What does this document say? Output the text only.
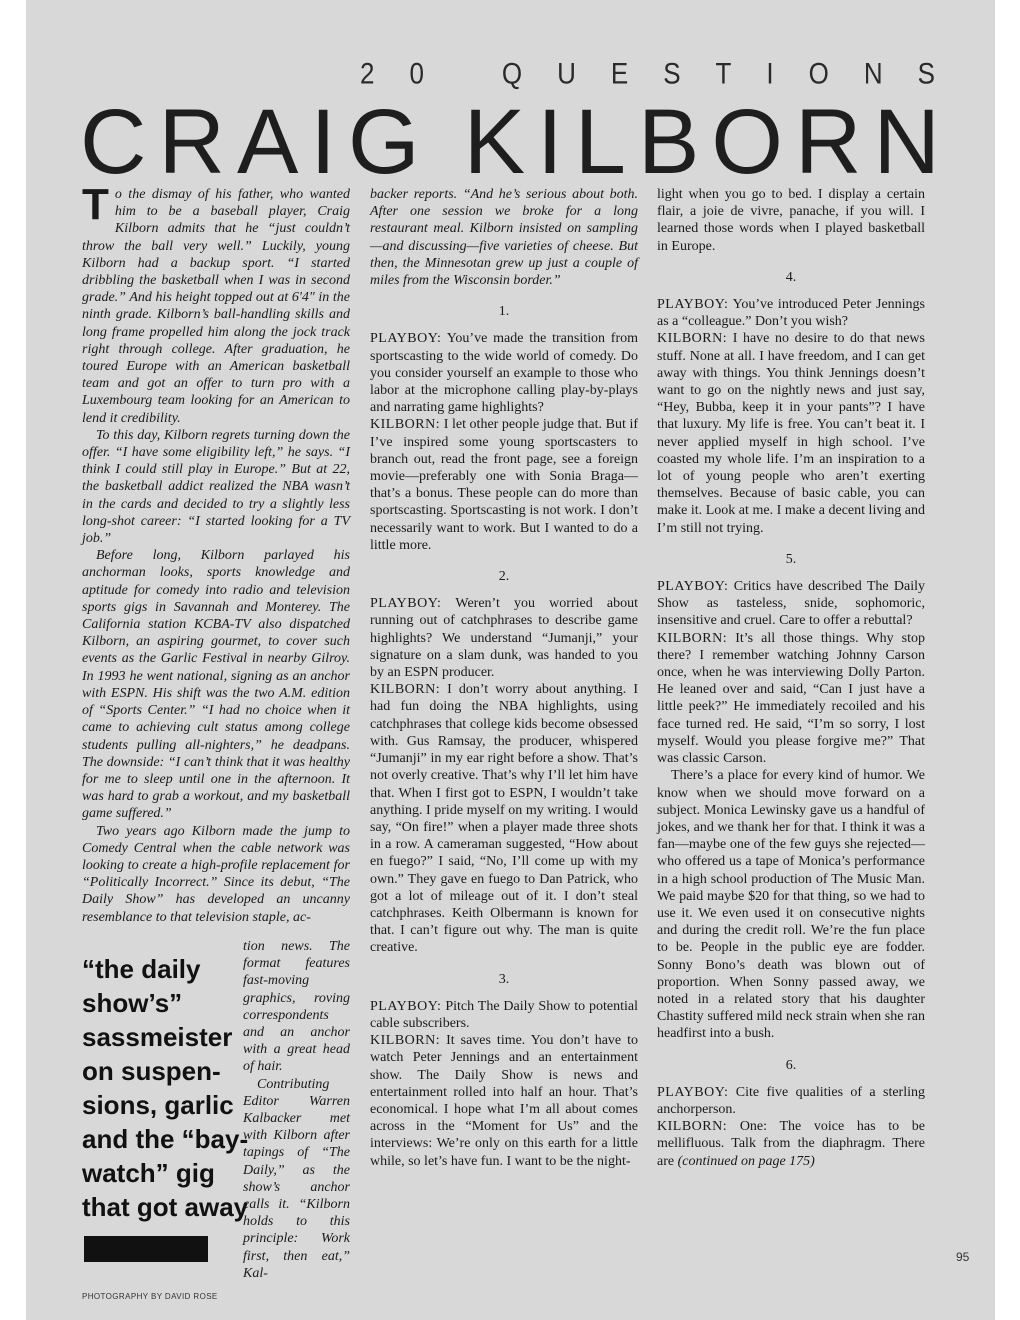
2 0	Q U E S T I O N S
C R A I G K I L B O R N

To the dismay of his father, who wanted him to be a baseball player, Craig Kilborn admits that he “just couldn’t throw the ball very well.” Luckily, young Kilborn had a backup sport. “I started dribbling the basketball when I was in second grade.” And his height topped out at 6'4" in the ninth grade. Kilborn’s ball-handling skills and long frame propelled him along the jock track right through college. After graduation, he toured Europe with an American basketball team and got an offer to turn pro with a Luxembourg team looking for an American to lend it credibility.

To this day, Kilborn regrets turning down the offer. “I have some eligibility left,” he says. “I think I could still play in Europe.” But at 22, the basketball addict realized the NBA wasn’t in the cards and decided to try a slightly less long-shot career: “I started looking for a TV job.”

Before long, Kilborn parlayed his anchorman looks, sports knowledge and aptitude for comedy into radio and television sports gigs in Savannah and Monterey. The California station KCBA-TV also dispatched Kilborn, an aspiring gourmet, to cover such events as the Garlic Festival in nearby Gilroy. In 1993 he went national, signing as an anchor with ESPN. His shift was the two A.M. edition of “Sports Center.” “I had no choice when it came to achieving cult status among college students pulling all-nighters,” he deadpans. The downside: “I can’t think that it was healthy for me to sleep until one in the afternoon. It was hard to grab a workout, and my basketball game suffered.”

Two years ago Kilborn made the jump to Comedy Central when the cable network was looking to create a high-profile replacement for “Politically Incorrect.” Since its debut, “The Daily Show” has developed an uncanny resemblance to that television staple, ac-

“the daily
show’s”
sassmeister
on suspen-
sions, garlic
and the “bay-
watch” gig
that got away

tion news. The format features fast-moving graphics, roving correspondents and an anchor with a great head of hair.

Contributing Editor Warren Kalbacker met with Kilborn after tapings of “The Daily,” as the show’s anchor calls it. “Kilborn holds to this principle: Work first, then eat,” Kal-

backer reports. “And he’s serious about both. After one session we broke for a long restaurant meal. Kilborn insisted on sampling—and discussing—five varieties of cheese. But then, the Minnesotan grew up just a couple of miles from the Wisconsin border.”

1.

PLAYBOY: You’ve made the transition from sportscasting to the wide world of comedy. Do you consider yourself an example to those who labor at the microphone calling play-by-plays and narrating game highlights?

KILBORN: I let other people judge that. But if I’ve inspired some young sportscasters to branch out, read the front page, see a foreign movie—preferably one with Sonia Braga—that’s a bonus. These people can do more than sportscasting. Sportscasting is not work. I don’t necessarily want to work. But I wanted to do a little more.

2.

PLAYBOY: Weren’t you worried about running out of catchphrases to describe game highlights? We understand “Jumanji,” your signature on a slam dunk, was handed to you by an ESPN producer.

KILBORN: I don’t worry about anything. I had fun doing the NBA highlights, using catchphrases that college kids become obsessed with. Gus Ramsay, the producer, whispered “Jumanji” in my ear right before a show. That’s not overly creative. That’s why I’ll let him have that. When I first got to ESPN, I wouldn’t take anything. I pride myself on my writing. I would say, “On fire!” when a player made three shots in a row. A cameraman suggested, “How about en fuego?” I said, “No, I’ll come up with my own.” They gave en fuego to Dan Patrick, who got a lot of mileage out of it. I don’t steal catchphrases. Keith Olbermann is known for that. I can’t figure out why. The man is quite creative.

3.

PLAYBOY: Pitch The Daily Show to potential cable subscribers.

KILBORN: It saves time. You don’t have to watch Peter Jennings and an entertainment show. The Daily Show is news and entertainment rolled into half an hour. That’s economical. I hope what I’m all about comes across in the “Moment for Us” and the interviews: We’re only on this earth for a little while, so let’s have fun. I want to be the night-

light when you go to bed. I display a certain flair, a joie de vivre, panache, if you will. I learned those words when I played basketball in Europe.

4.

PLAYBOY: You’ve introduced Peter Jennings as a “colleague.” Don’t you wish?

KILBORN: I have no desire to do that news stuff. None at all. I have freedom, and I can get away with things. You think Jennings doesn’t want to go on the nightly news and just say, “Hey, Bubba, keep it in your pants”? I have that luxury. My life is free. You can’t beat it. I never applied myself in high school. I’ve coasted my whole life. I’m an inspiration to a lot of young people who aren’t exerting themselves. Because of basic cable, you can make it. Look at me. I make a decent living and I’m still not trying.

5.

PLAYBOY: Critics have described The Daily Show as tasteless, snide, sophomoric, insensitive and cruel. Care to offer a rebuttal?

KILBORN: It’s all those things. Why stop there? I remember watching Johnny Carson once, when he was interviewing Dolly Parton. He leaned over and said, “Can I just have a little peek?” He immediately recoiled and his face turned red. He said, “I’m so sorry, I lost myself. Would you please forgive me?” That was classic Carson.

There’s a place for every kind of humor. We know when we should move forward on a subject. Monica Lewinsky gave us a handful of jokes, and we thank her for that. I think it was a fan—maybe one of the few guys she rejected—who offered us a tape of Monica’s performance in a high school production of The Music Man. We paid maybe $20 for that thing, so we had to use it. We even used it on consecutive nights and during the credit roll. We’re the fun place to be. People in the public eye are fodder. Sonny Bono’s death was blown out of proportion. When Sonny passed away, we noted in a related story that his daughter Chastity suffered mild neck strain when she ran headfirst into a bush.

6.

PLAYBOY: Cite five qualities of a sterling anchorperson.

KILBORN: One: The voice has to be mellifluous. Talk from the diaphragm. There are (continued on page 175)

95
PHOTOGRAPHY BY DAVID ROSE
